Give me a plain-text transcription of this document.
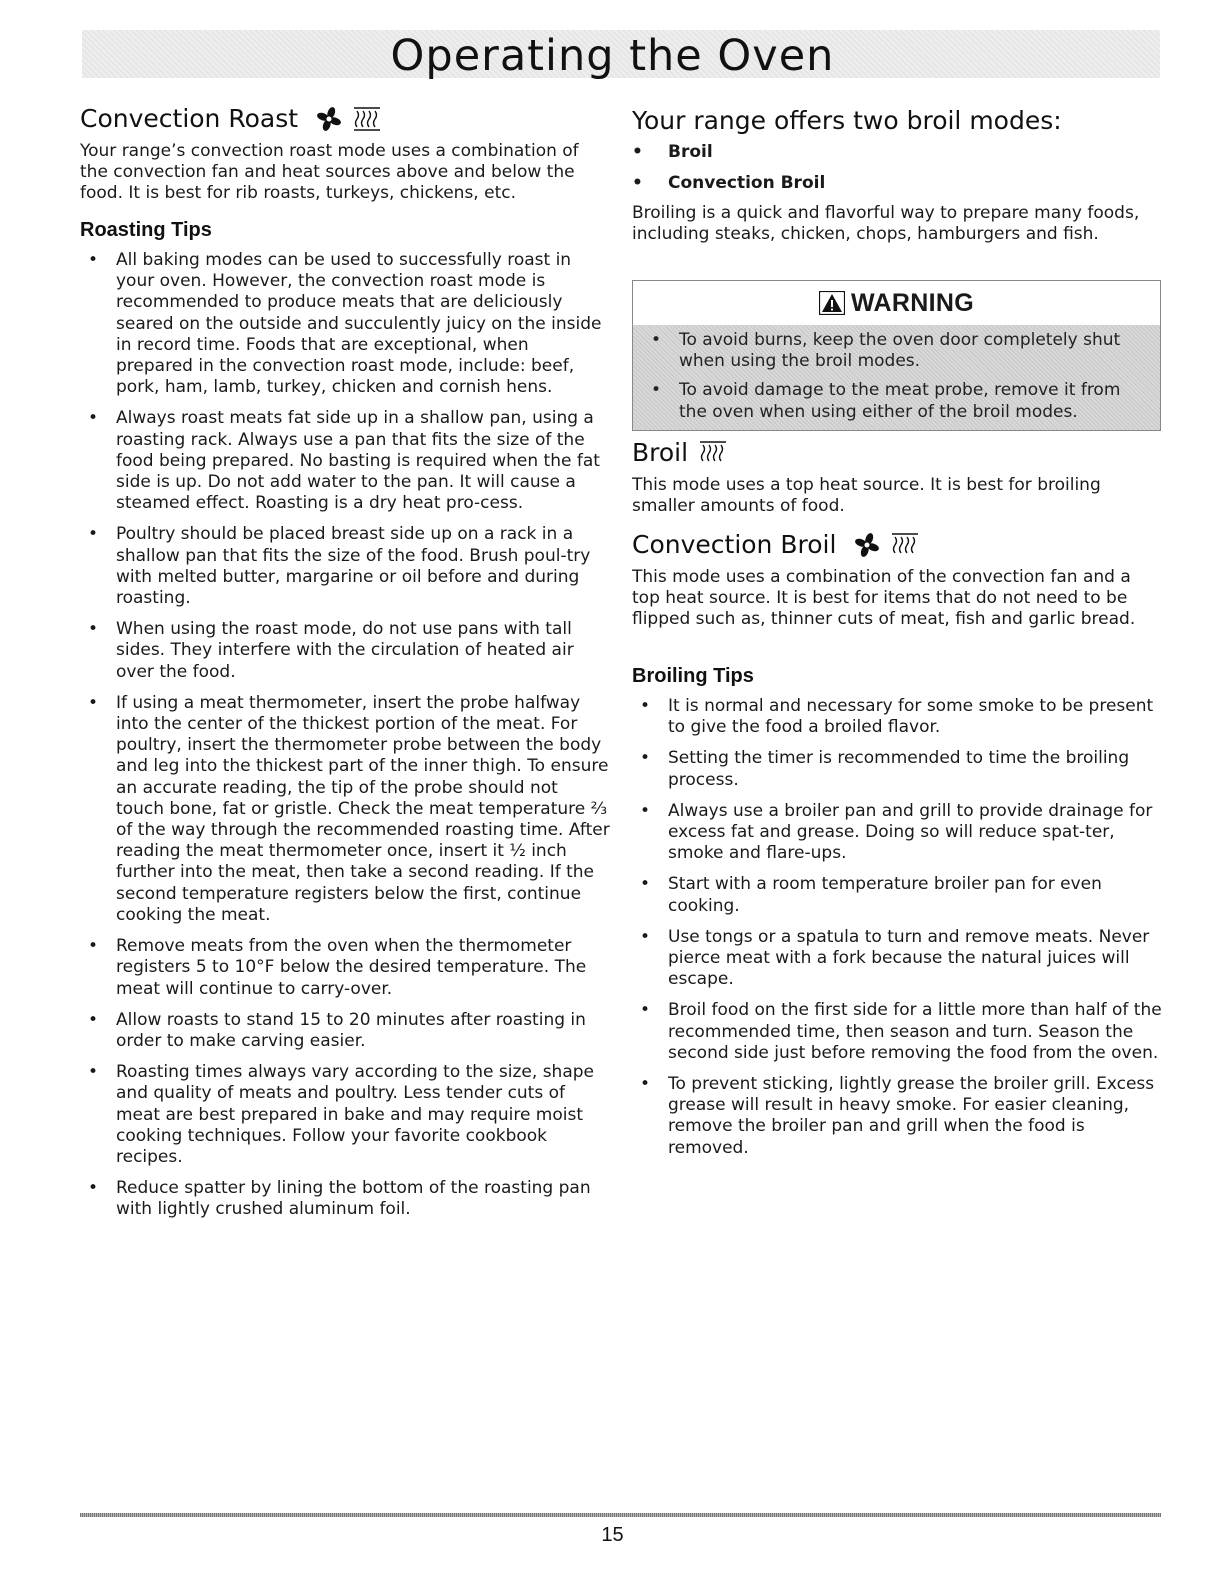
Operating the Oven
Convection Roast

Your range’s convection roast mode uses a combination of the convection fan and heat sources above and below the food. It is best for rib roasts, turkeys, chickens, etc.

Roasting Tips
• All baking modes can be used to successfully roast in your oven. However, the convection roast mode is recommended to produce meats that are deliciously seared on the outside and succulently juicy on the inside in record time. Foods that are exceptional, when prepared in the convection roast mode, include: beef, pork, ham, lamb, turkey, chicken and cornish hens.
• Always roast meats fat side up in a shallow pan, using a roasting rack. Always use a pan that fits the size of the food being prepared. No basting is required when the fat side is up. Do not add water to the pan. It will cause a steamed effect. Roasting is a dry heat pro-cess.
• Poultry should be placed breast side up on a rack in a shallow pan that fits the size of the food. Brush poul-try with melted butter, margarine or oil before and during roasting.
• When using the roast mode, do not use pans with tall sides. They interfere with the circulation of heated air over the food.
• If using a meat thermometer, insert the probe halfway into the center of the thickest portion of the meat. For poultry, insert the thermometer probe between the body and leg into the thickest part of the inner thigh. To ensure an accurate reading, the tip of the probe should not touch bone, fat or gristle. Check the meat temperature ⅔ of the way through the recommended roasting time. After reading the meat thermometer once, insert it ½ inch further into the meat, then take a second reading. If the second temperature registers below the first, continue cooking the meat.
• Remove meats from the oven when the thermometer registers 5 to 10°F below the desired temperature. The meat will continue to carry-over.
• Allow roasts to stand 15 to 20 minutes after roasting in order to make carving easier.
• Roasting times always vary according to the size, shape and quality of meats and poultry. Less tender cuts of meat are best prepared in bake and may require moist cooking techniques. Follow your favorite cookbook recipes.
• Reduce spatter by lining the bottom of the roasting pan with lightly crushed aluminum foil.
Your range offers two broil modes:
• Broil
• Convection Broil

Broiling is a quick and flavorful way to prepare many foods, including steaks, chicken, chops, hamburgers and fish.

Broil

This mode uses a top heat source. It is best for broiling smaller amounts of food.

Convection Broil

This mode uses a combination of the convection fan and a top heat source. It is best for items that do not need to be flipped such as, thinner cuts of meat, fish and garlic bread.

Broiling Tips
• It is normal and necessary for some smoke to be present to give the food a broiled flavor.
• Setting the timer is recommended to time the broiling process.
• Always use a broiler pan and grill to provide drainage for excess fat and grease. Doing so will reduce spat-ter, smoke and flare-ups.
• Start with a room temperature broiler pan for even cooking.
• Use tongs or a spatula to turn and remove meats. Never pierce meat with a fork because the natural juices will escape.
• Broil food on the first side for a little more than half of the recommended time, then season and turn. Season the second side just before removing the food from the oven.
• To prevent sticking, lightly grease the broiler grill. Excess grease will result in heavy smoke. For easier cleaning, remove the broiler pan and grill when the food is removed.
WARNING
• To avoid burns, keep the oven door completely shut when using the broil modes.
• To avoid damage to the meat probe, remove it from the oven when using either of the broil modes.
15
